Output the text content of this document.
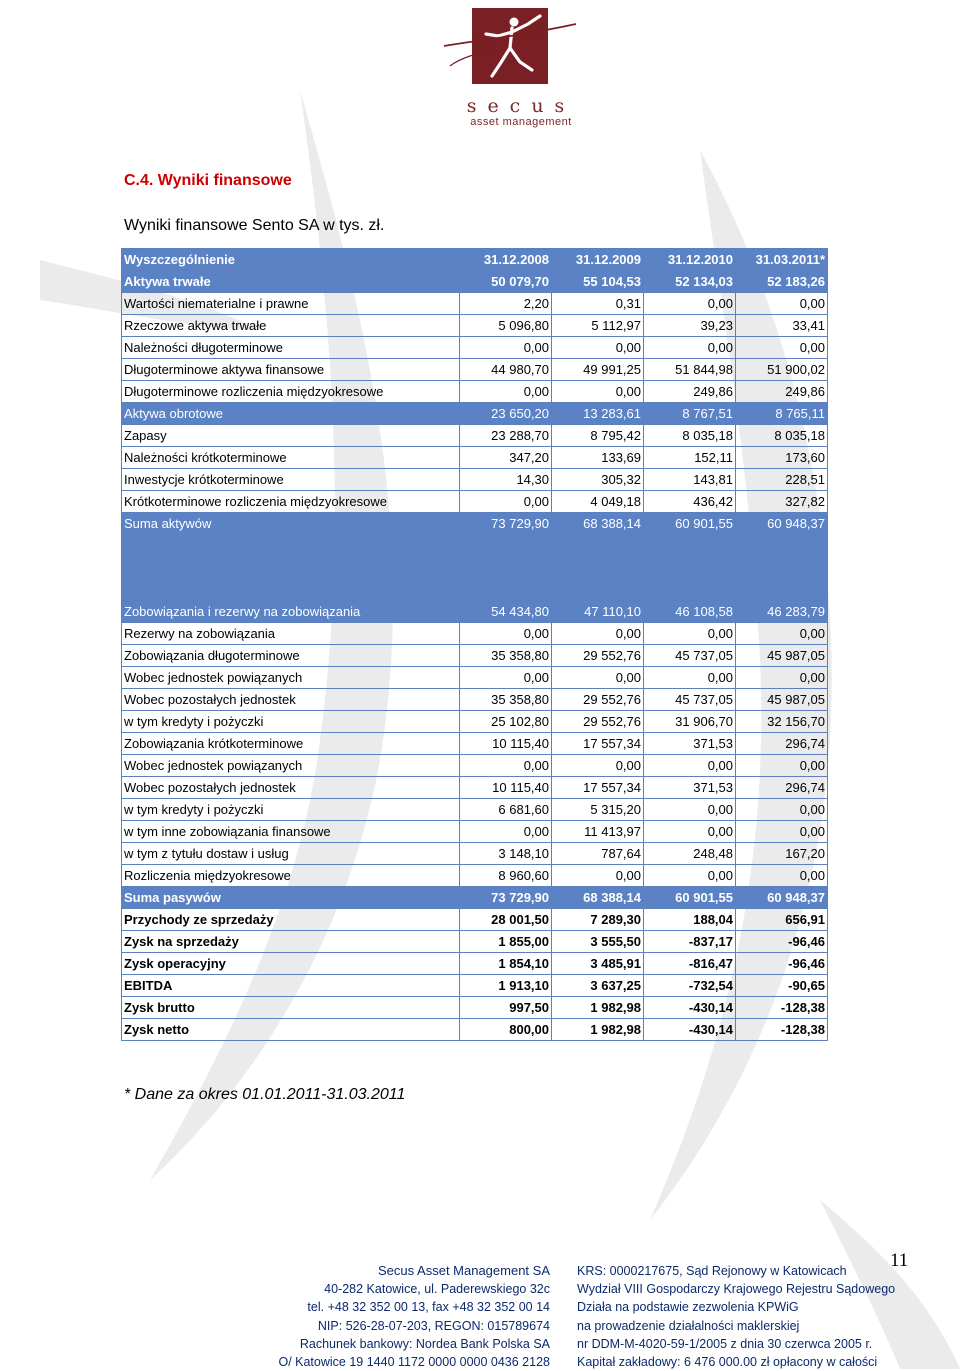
secus
asset management
C.4. Wyniki finansowe
Wyniki finansowe Sento SA w tys. zł.
Wyszczególnienie	31.12.2008	31.12.2009	31.12.2010	31.03.2011*
Aktywa trwałe	50 079,70	55 104,53	52 134,03	52 183,26
Wartości niematerialne i prawne	2,20	0,31	0,00	0,00
Rzeczowe aktywa trwałe	5 096,80	5 112,97	39,23	33,41
Należności długoterminowe	0,00	0,00	0,00	0,00
Długoterminowe aktywa finansowe	44 980,70	49 991,25	51 844,98	51 900,02
Długoterminowe rozliczenia międzyokresowe	0,00	0,00	249,86	249,86
Aktywa obrotowe	23 650,20	13 283,61	8 767,51	8 765,11
Zapasy	23 288,70	8 795,42	8 035,18	8 035,18
Należności krótkoterminowe	347,20	133,69	152,11	173,60
Inwestycje krótkoterminowe	14,30	305,32	143,81	228,51
Krótkoterminowe rozliczenia międzyokresowe	0,00	4 049,18	436,42	327,82
Suma aktywów	73 729,90	68 388,14	60 901,55	60 948,37

Zobowiązania i rezerwy na zobowiązania	54 434,80	47 110,10	46 108,58	46 283,79
Rezerwy na zobowiązania	0,00	0,00	0,00	0,00
Zobowiązania długoterminowe	35 358,80	29 552,76	45 737,05	45 987,05
Wobec jednostek powiązanych	0,00	0,00	0,00	0,00
Wobec pozostałych jednostek	35 358,80	29 552,76	45 737,05	45 987,05
w tym kredyty i pożyczki	25 102,80	29 552,76	31 906,70	32 156,70
Zobowiązania krótkoterminowe	10 115,40	17 557,34	371,53	296,74
Wobec jednostek powiązanych	0,00	0,00	0,00	0,00
Wobec pozostałych jednostek	10 115,40	17 557,34	371,53	296,74
w tym kredyty i pożyczki	6 681,60	5 315,20	0,00	0,00
w tym inne zobowiązania finansowe	0,00	11 413,97	0,00	0,00
w tym z tytułu dostaw i usług	3 148,10	787,64	248,48	167,20
Rozliczenia międzyokresowe	8 960,60	0,00	0,00	0,00
Suma pasywów	73 729,90	68 388,14	60 901,55	60 948,37
Przychody ze sprzedaży	28 001,50	7 289,30	188,04	656,91
Zysk na sprzedaży	1 855,00	3 555,50	-837,17	-96,46
Zysk operacyjny	1 854,10	3 485,91	-816,47	-96,46
EBITDA	1 913,10	3 637,25	-732,54	-90,65
Zysk brutto	997,50	1 982,98	-430,14	-128,38
Zysk netto	800,00	1 982,98	-430,14	-128,38
* Dane za okres 01.01.2011-31.03.2011
11
Secus Asset Management SA
40-282 Katowice, ul. Paderewskiego 32c
tel. +48 32 352 00 13, fax +48 32 352 00 14
NIP: 526-28-07-203, REGON: 015789674
Rachunek bankowy: Nordea Bank Polska SA
O/ Katowice 19 1440 1172 0000 0000 0436 2128
KRS: 0000217675, Sąd Rejonowy w Katowicach
Wydział VIII Gospodarczy Krajowego Rejestru Sądowego
Działa na podstawie zezwolenia KPWiG
na prowadzenie działalności maklerskiej
nr DDM-M-4020-59-1/2005 z dnia 30 czerwca 2005 r.
Kapitał zakładowy: 6 476 000.00 zł opłacony w całości
